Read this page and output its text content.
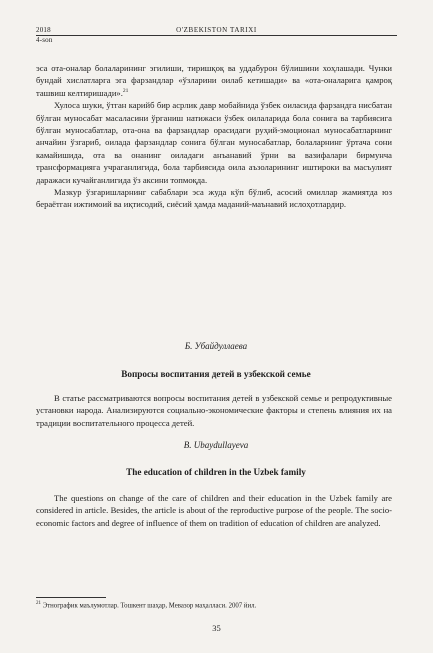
2018	O'ZBEKISTON TARIXI
4-son

эса ота-оналар болаларининг эгилиши, тиришқоқ ва уддабурон бўлишини хоҳлашади. Чунки бундай хислатларга эга фарзандлар «ўзларини оилаб кетишади» ва «ота-оналарига қамроқ ташвиш келтиришади».$^{21}$

Хулоса шуки, ўтган карийб бир асрлик давр мобайнида ўзбек оиласида фарзандга нисбатан бўлган муносабат масаласини ўрганиш натижаси ўзбек оилаларида бола сонига ва тарбиясига бўлган муносабатлар, ота-она ва фарзандлар орасидаги руҳий-эмоционал муносабатларнинг анчайин ўзгариб, оилада фарзандлар сонига бўлган муносабатлар, болаларнинг ўртача сони камайишида, ота ва онанинг оиладаги анъанавий ўрни ва вазифалари бирмунча трансформацияга учраганлигида, бола тарбиясида оила аъзоларининг иштироки ва масъулият даражаси кучайганлигида ўз аксини топмоқда.

Мазкур ўзгаришларнинг сабаблари эса жуда кўп бўлиб, асосий омиллар жамиятда юз бераётган ижтимоий ва иқтисодий, сиёсий ҳамда маданий-маънавий ислоҳотлардир.

Б. Убайдуллаева
Вопросы воспитания детей в узбекской семье

В статье рассматриваются вопросы воспитания детей в узбекской семье и репродуктивные установки народа. Анализируются социально-экономические факторы и степень влияния их на традиции воспитательного процесса детей.

B. Ubaydullayeva
The education of children in the Uzbek family

The questions on change of the care of children and their education in the Uzbek family are considered in article. Besides, the article is about of the reproductive purpose of the people. The socio-economic factors and degree of influence of them on tradition of education of children are analyzed.

$^{21}$ Этнографик маълумотлар. Тошкент шаҳар, Мевазор маҳалласи. 2007 йил.
35
